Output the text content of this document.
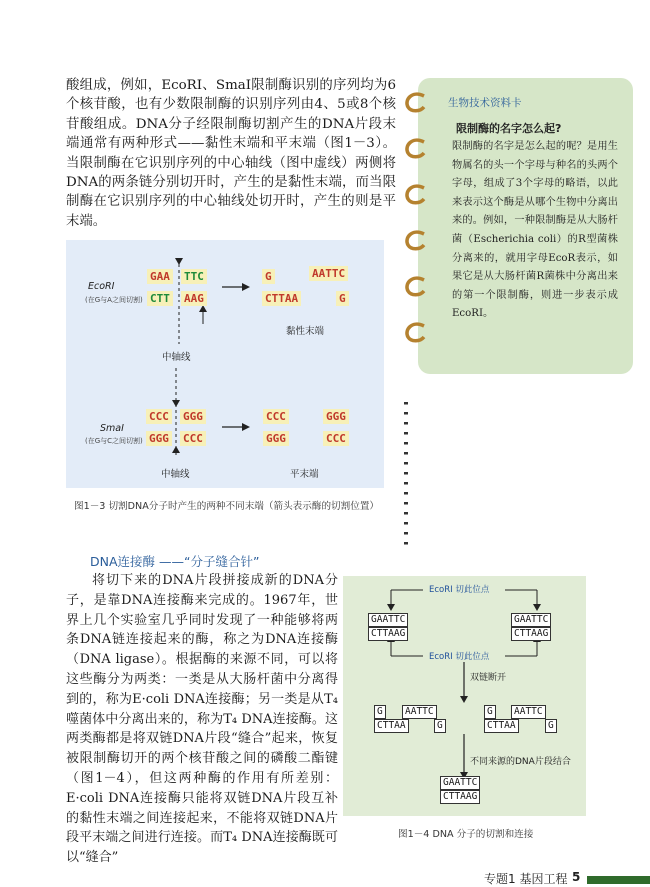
酸组成，例如，EcoRI、SmaI限制酶识别的序列均为6个核苷酸，也有少数限制酶的识别序列由4、5或8个核苷酸组成。DNA分子经限制酶切割产生的DNA片段末端通常有两种形式——黏性末端和平末端（图1－3）。当限制酶在它识别序列的中心轴线（图中虚线）两侧将DNA的两条链分别切开时，产生的是黏性末端，而当限制酶在它识别序列的中心轴线处切开时，产生的则是平末端。

生物技术资料卡
限制酶的名字怎么起?
限制酶的名字是怎么起的呢？是用生物属名的头一个字母与种名的头两个字母，组成了3个字母的略语，以此来表示这个酶是从哪个生物中分离出来的。例如，一种限制酶是从大肠杆菌（Escherichia coli）的R型菌株分离来的，就用字母EcoR表示，如果它是从大肠杆菌R菌株中分离出来的第一个限制酶，则进一步表示成EcoRI。
EcoRI
(在G与A之间切割)
GAA TTC
CTT AAG
G	AATTC
CTTAA	G
黏性末端
中轴线
SmaI
(在G与C之间切割)
CCC GGG
GGG CCC
CCC	GGG
GGG	CCC
中轴线	平末端
图1－3 切割DNA分子时产生的两种不同末端（箭头表示酶的切割位置）
DNA连接酶 ——“分子缝合针”

将切下来的DNA片段拼接成新的DNA分子，是靠DNA连接酶来完成的。1967年，世界上几个实验室几乎同时发现了一种能够将两条DNA链连接起来的酶，称之为DNA连接酶（DNA ligase）。根据酶的来源不同，可以将这些酶分为两类：一类是从大肠杆菌中分离得到的，称为E·coli DNA连接酶；另一类是从T₄噬菌体中分离出来的，称为T₄ DNA连接酶。这两类酶都是将双链DNA片段“缝合”起来，恢复被限制酶切开的两个核苷酸之间的磷酸二酯键（图1－4），但这两种酶的作用有所差别：E·coli DNA连接酶只能将双链DNA片段互补的黏性末端之间连接起来，不能将双链DNA片段平末端之间进行连接。而T₄ DNA连接酶既可以“缝合”

EcoRI 切此位点
GAATTC
CTTAAG
GAATTC
CTTAAG
EcoRI 切此位点
双链断开
G	AATTC
CTTAA	G
G	AATTC
CTTAA	G
不同来源的DNA片段结合
GAATTC
CTTAAG
图1－4 DNA 分子的切割和连接
专题1 基因工程 5
